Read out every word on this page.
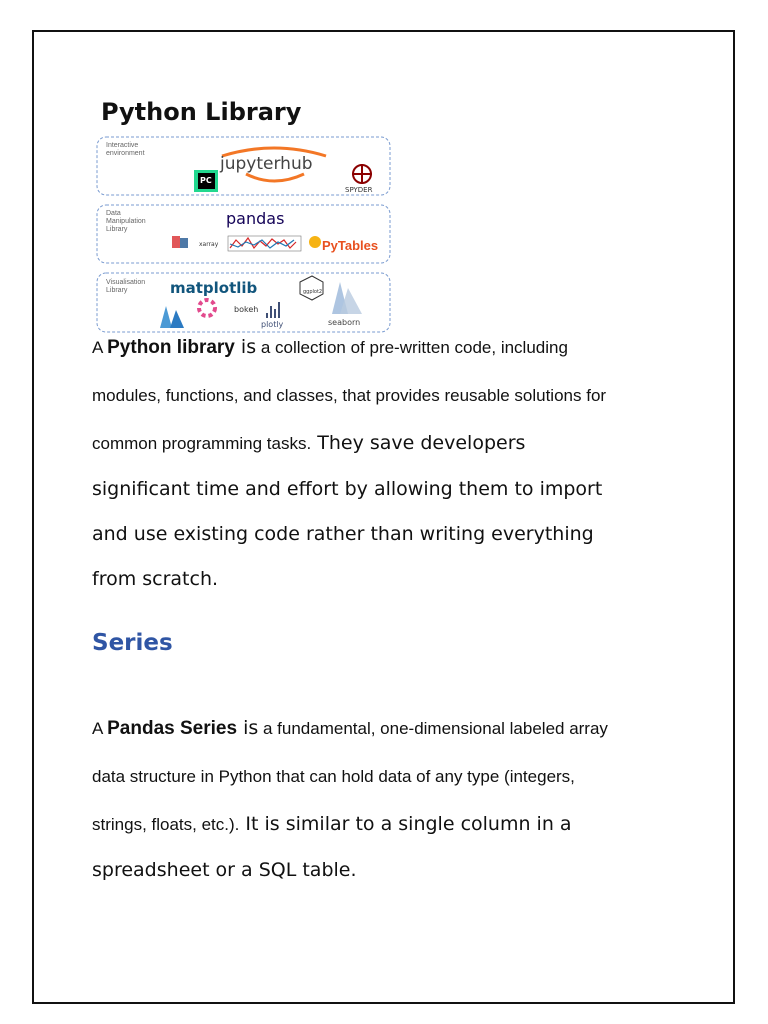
Python Library
Interactive
environment
Data
Manipulation
Library
Visualisation
Library
jupyterhub
PC
SPYDER
pandas
xarray	PyTables
matplotlib	ggplot2
bokeh
plotly	seaborn
A Python library is a collection of pre-written code, including
modules, functions, and classes, that provides reusable solutions for
common programming tasks. They save developers
significant time and effort by allowing them to import
and use existing code rather than writing everything
from scratch.
Series
A Pandas Series is a fundamental, one-dimensional labeled array
data structure in Python that can hold data of any type (integers,
strings, floats, etc.). It is similar to a single column in a
spreadsheet or a SQL table.
